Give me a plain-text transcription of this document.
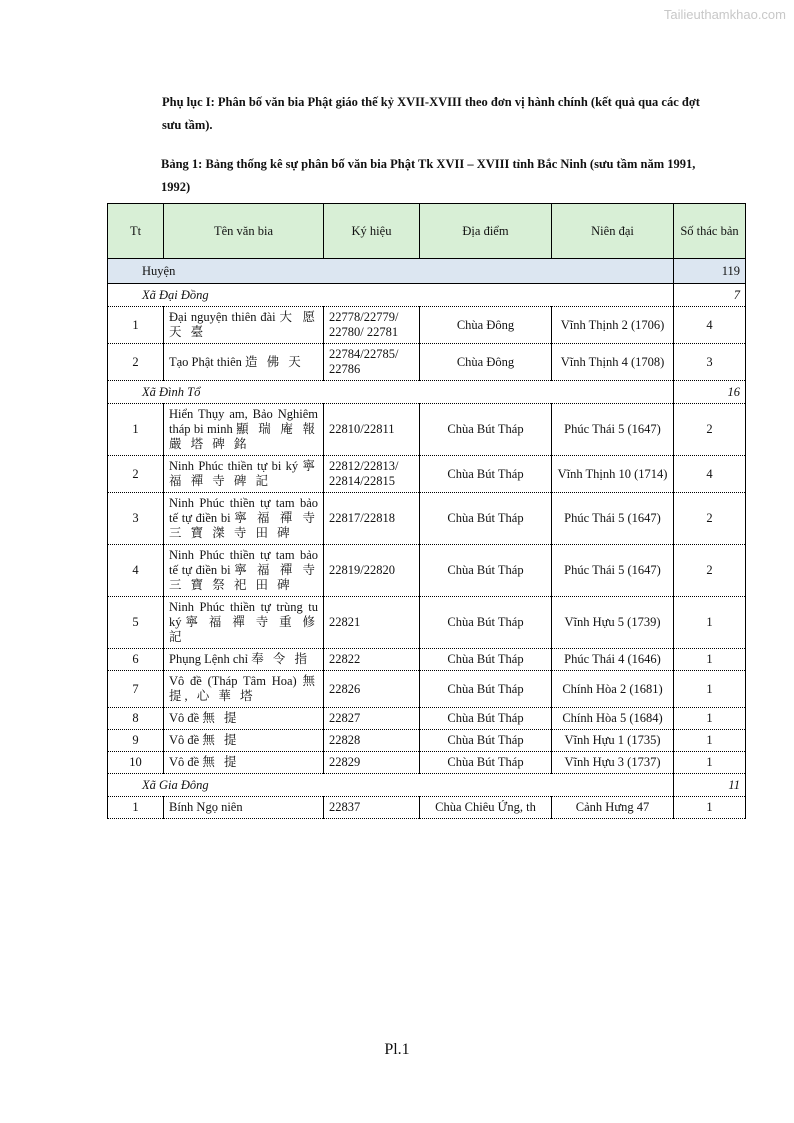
Tailieuthamkhao.com

Phụ lục I: Phân bố văn bia Phật giáo thế kỷ XVII-XVIII theo đơn vị hành chính (kết quả qua các đợt sưu tầm).

Bảng 1: Bảng thống kê sự phân bố văn bia Phật Tk XVII – XVIII tỉnh Bắc Ninh (sưu tầm năm 1991, 1992)

Tt	Tên văn bia	Ký hiệu	Địa điểm	Niên đại	Số thác bản
Huyện					119
Xã Đại Đồng					7
1	Đại nguyện thiên đài 大 愿 天 臺	22778/22779/ 22780/ 22781	Chùa Đông	Vĩnh Thịnh 2 (1706)	4
2	Tạo Phật thiên 造 佛 天	22784/22785/ 22786	Chùa Đông	Vĩnh Thịnh 4 (1708)	3
Xã Đình Tổ					16
1	Hiển Thụy am, Bảo Nghiêm tháp bi minh 顯 瑞 庵 報 嚴 塔 碑 銘	22810/22811	Chùa Bút Tháp	Phúc Thái 5 (1647)	2
2	Ninh Phúc thiền tự bi ký 寧 福 禪 寺 碑 記	22812/22813/ 22814/22815	Chùa Bút Tháp	Vĩnh Thịnh 10 (1714)	4
3	Ninh Phúc thiền tự tam bảo tế tự điền bi 寧 福 禪 寺 三 寶 滐 寺 田 碑	22817/22818	Chùa Bút Tháp	Phúc Thái 5 (1647)	2
4	Ninh Phúc thiền tự tam bảo tế tự điền bi 寧 福 禪 寺 三 寶 祭 祀 田 碑	22819/22820	Chùa Bút Tháp	Phúc Thái 5 (1647)	2
5	Ninh Phúc thiền tự trùng tu ký 寧 福 禪 寺 重 修 記	22821	Chùa Bút Tháp	Vĩnh Hựu 5 (1739)	1
6	Phụng Lệnh chỉ 奉 令 指	22822	Chùa Bút Tháp	Phúc Thái 4 (1646)	1
7	Vô đề (Tháp Tâm Hoa) 無 提, 心 華 塔	22826	Chùa Bút Tháp	Chính Hòa 2 (1681)	1
8	Vô đề 無 提	22827	Chùa Bút Tháp	Chính Hòa 5 (1684)	1
9	Vô đề 無 提	22828	Chùa Bút Tháp	Vĩnh Hựu 1 (1735)	1
10	Vô đề 無 提	22829	Chùa Bút Tháp	Vĩnh Hựu 3 (1737)	1
Xã Gia Đông					11
1	Bính Ngọ niên	22837	Chùa Chiêu Ứng, th	Cảnh Hưng 47	1
Pl.1
